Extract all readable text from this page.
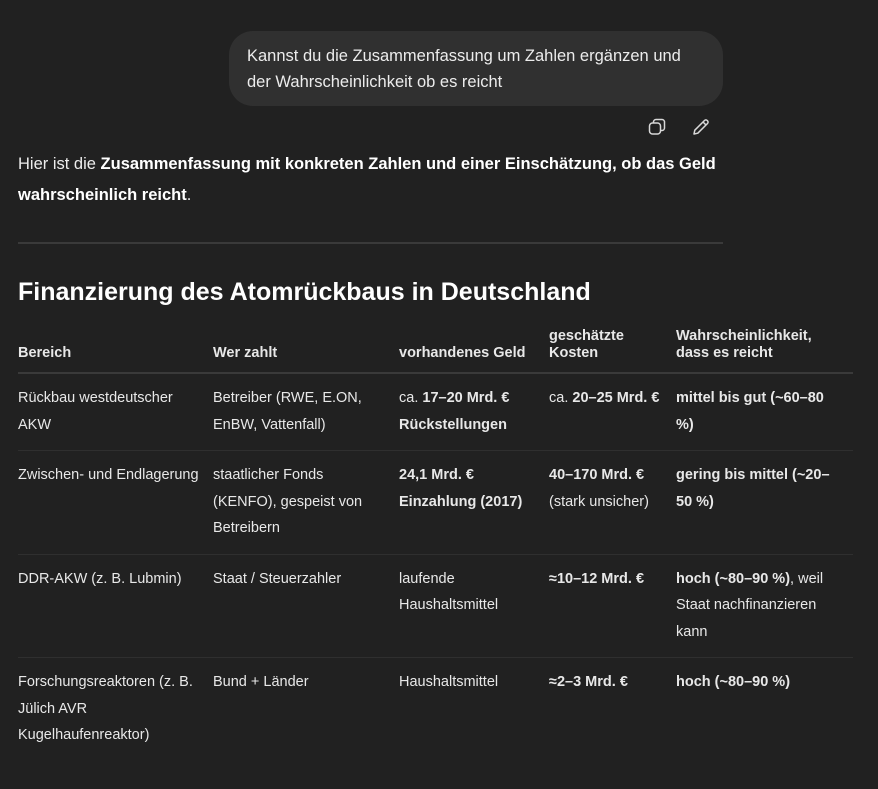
Kannst du die Zusammenfassung um Zahlen ergänzen und der Wahrscheinlichkeit ob es reicht
Hier ist die Zusammenfassung mit konkreten Zahlen und einer Einschätzung, ob das Geld wahrscheinlich reicht.
Finanzierung des Atomrückbaus in Deutschland
Bereich	Wer zahlt	vorhandenes Geld	geschätzte Kosten	Wahrscheinlichkeit, dass es reicht

Rückbau westdeutscher AKW	Betreiber (RWE, E.ON, EnBW, Vattenfall)	ca. 17–20 Mrd. € Rückstellungen	ca. 20–25 Mrd. €	mittel bis gut (~60–80 %)

Zwischen- und Endlagerung	staatlicher Fonds (KENFO), gespeist von Betreibern	24,1 Mrd. € Einzahlung (2017)	40–170 Mrd. € (stark unsicher)	gering bis mittel (~20–50 %)

DDR-AKW (z. B. Lubmin)	Staat / Steuerzahler	laufende Haushaltsmittel	≈10–12 Mrd. €	hoch (~80–90 %), weil Staat nachfinanzieren kann

Forschungsreaktoren (z. B. Jülich AVR Kugelhaufenreaktor)	Bund + Länder	Haushaltsmittel	≈2–3 Mrd. €	hoch (~80–90 %)
